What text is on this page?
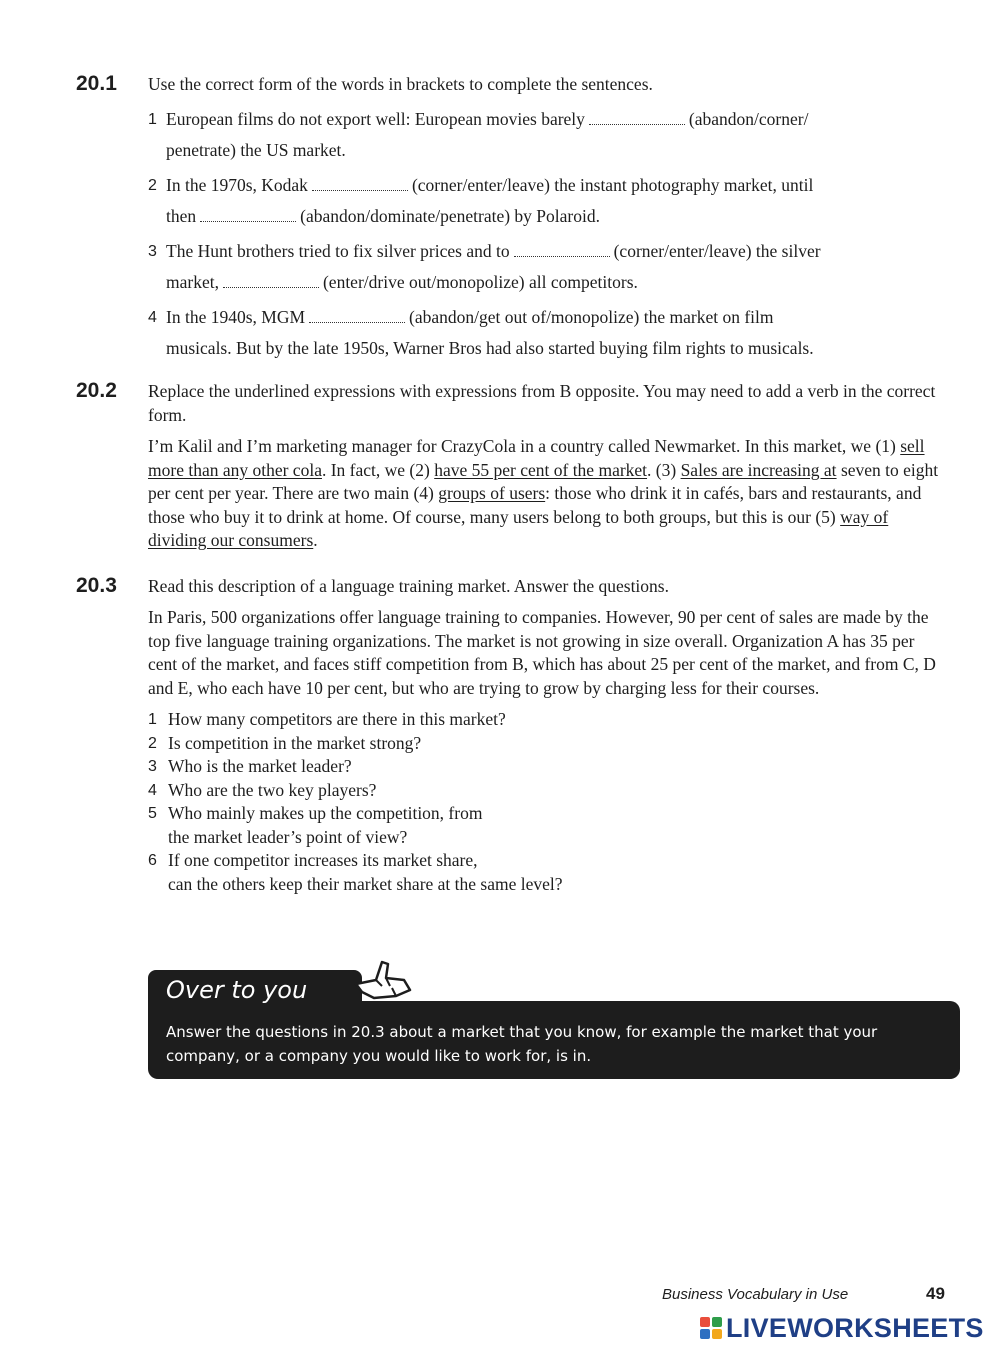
20.1 Use the correct form of the words in brackets to complete the sentences.

1 European films do not export well: European movies barely	(abandon/corner/
penetrate) the US market.
2 In the 1970s, Kodak	(corner/enter/leave) the instant photography market, until
then	(abandon/dominate/penetrate) by Polaroid.
3 The Hunt brothers tried to fix silver prices and to	(corner/enter/leave) the silver
market,	(enter/drive out/monopolize) all competitors.
4 In the 1940s, MGM	(abandon/get out of/monopolize) the market on film
musicals. But by the late 1950s, Warner Bros had also started buying film rights to musicals.
20.2 Replace the underlined expressions with expressions from B opposite. You may need to add a verb in the correct form.

I’m Kalil and I’m marketing manager for CrazyCola in a country called Newmarket. In this market, we (1) sell more than any other cola. In fact, we (2) have 55 per cent of the market. (3) Sales are increasing at seven to eight per cent per year. There are two main (4) groups of users: those who drink it in cafés, bars and restaurants, and those who buy it to drink at home. Of course, many users belong to both groups, but this is our (5) way of dividing our consumers.

20.3 Read this description of a language training market. Answer the questions.

In Paris, 500 organizations offer language training to companies. However, 90 per cent of sales are made by the top five language training organizations. The market is not growing in size overall. Organization A has 35 per cent of the market, and faces stiff competition from B, which has about 25 per cent of the market, and from C, D and E, who each have 10 per cent, but who are trying to grow by charging less for their courses.

1 How many competitors are there in this market?
2 Is competition in the market strong?
3 Who is the market leader?
4 Who are the two key players?
5 Who mainly makes up the competition, from
the market leader’s point of view?
6 If one competitor increases its market share,
can the others keep their market share at the same level?
Answer the questions in 20.3 about a market that you know, for example the market that your company, or a company you would like to work for, is in.
Over to you
Business Vocabulary in Use	49
LIVEWORKSHEETS
